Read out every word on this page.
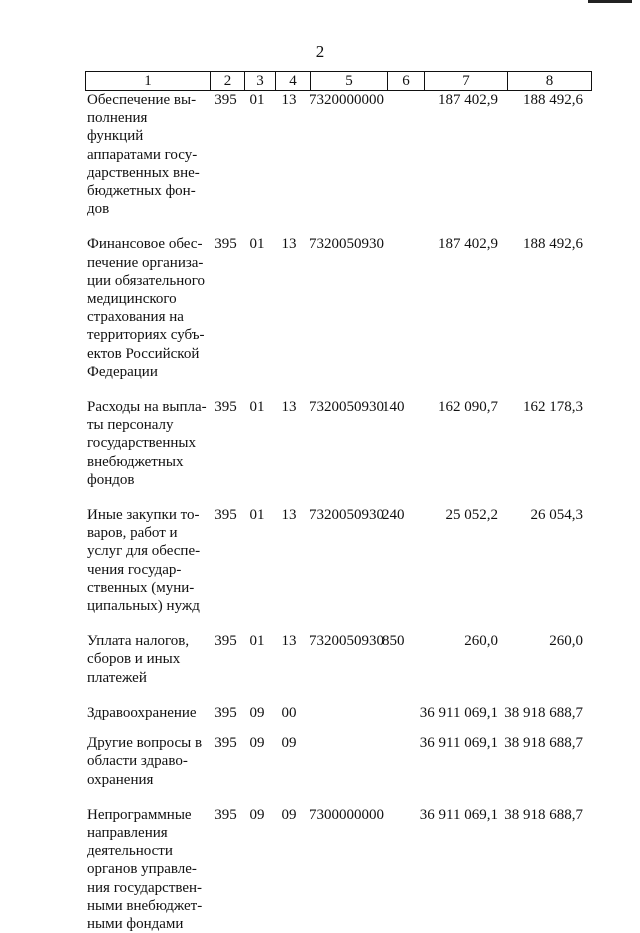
2
1	2	3	4	5	6	7	8
Обеспечение вы-полнения функций аппаратами госу-дарственных вне-бюджетных фон-дов	395	01	13	7320000000		187 402,9	188 492,6
Финансовое обес-печение организа-ции обязательного медицинского страхования на территориях субъ-ектов Российской Федерации	395	01	13	7320050930		187 402,9	188 492,6
Расходы на выпла-ты персоналу государственных внебюджетных фондов	395	01	13	7320050930	140	162 090,7	162 178,3
Иные закупки то-варов, работ и услуг для обеспе-чения государ-ственных (муни-ципальных) нужд	395	01	13	7320050930	240	25 052,2	26 054,3
Уплата налогов, сборов и иных платежей	395	01	13	7320050930	850	260,0	260,0
Здравоохранение	395	09	00			36 911 069,1	38 918 688,7
Другие вопросы в области здраво-охранения	395	09	09			36 911 069,1	38 918 688,7
Непрограммные направления деятельности органов управле-ния государствен-ными внебюджет-ными фондами	395	09	09	7300000000		36 911 069,1	38 918 688,7
